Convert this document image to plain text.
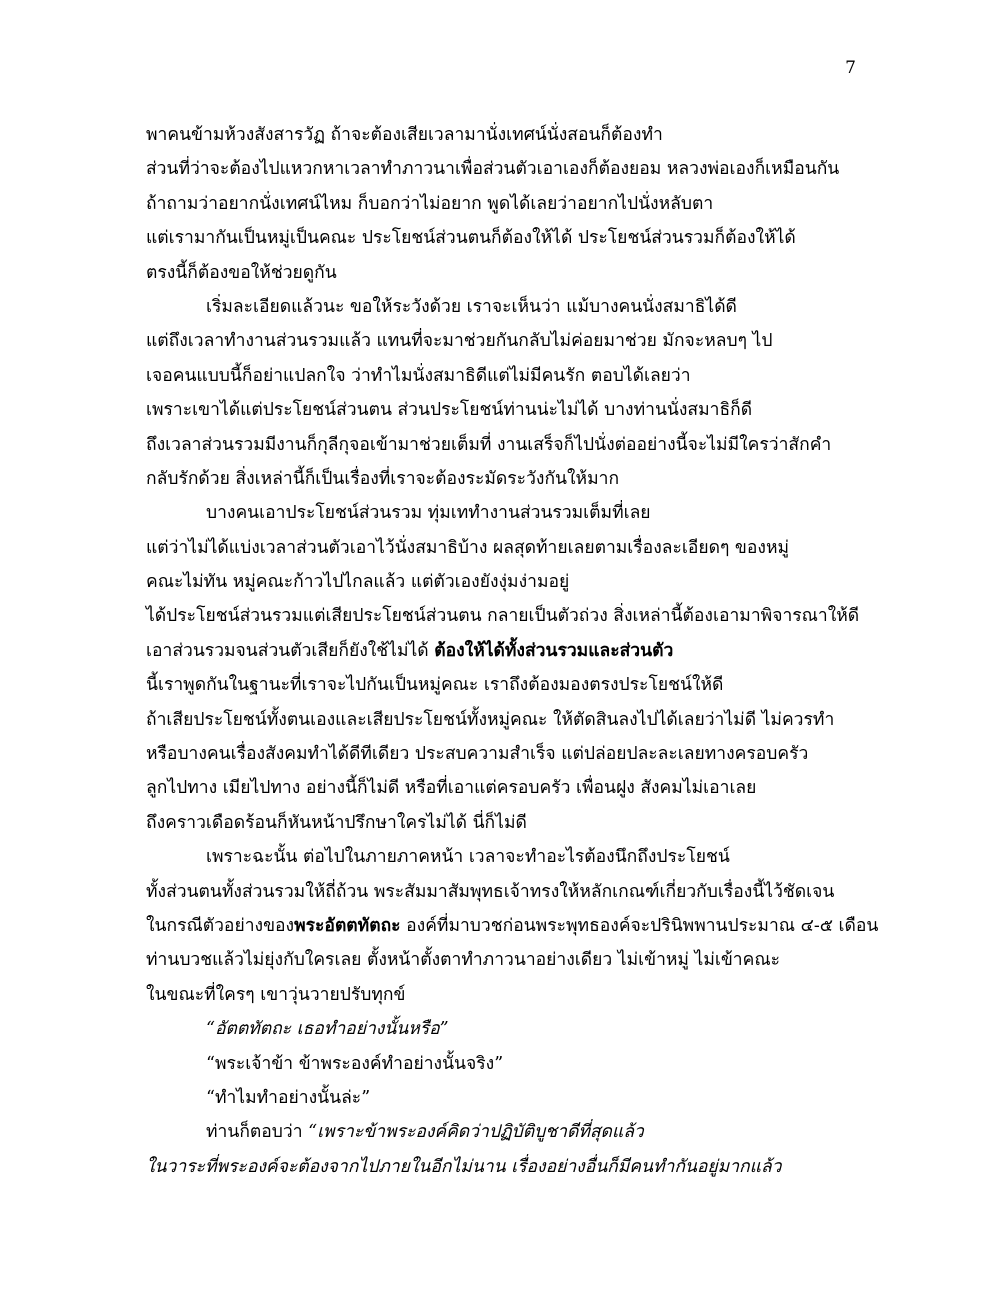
7
พาคนข้ามห้วงสังสารวัฏ ถ้าจะต้องเสียเวลามานั่งเทศน์นั่งสอนก็ต้องทำ
ส่วนที่ว่าจะต้องไปแหวกหาเวลาทำภาวนาเพื่อส่วนตัวเอาเองก็ต้องยอม หลวงพ่อเองก็เหมือนกัน
ถ้าถามว่าอยากนั่งเทศน์ไหม ก็บอกว่าไม่อยาก พูดได้เลยว่าอยากไปนั่งหลับตา
แต่เรามากันเป็นหมู่เป็นคณะ ประโยชน์ส่วนตนก็ต้องให้ได้ ประโยชน์ส่วนรวมก็ต้องให้ได้
ตรงนี้ก็ต้องขอให้ช่วยดูกัน
เริ่มละเอียดแล้วนะ ขอให้ระวังด้วย เราจะเห็นว่า แม้บางคนนั่งสมาธิได้ดี
แต่ถึงเวลาทำงานส่วนรวมแล้ว แทนที่จะมาช่วยกันกลับไม่ค่อยมาช่วย มักจะหลบๆ ไป
เจอคนแบบนี้ก็อย่าแปลกใจ ว่าทำไมนั่งสมาธิดีแต่ไม่มีคนรัก ตอบได้เลยว่า
เพราะเขาได้แต่ประโยชน์ส่วนตน ส่วนประโยชน์ท่านน่ะไม่ได้ บางท่านนั่งสมาธิก็ดี
ถึงเวลาส่วนรวมมีงานก็กุลีกุจอเข้ามาช่วยเต็มที่ งานเสร็จก็ไปนั่งต่ออย่างนี้จะไม่มีใครว่าสักคำ
กลับรักด้วย สิ่งเหล่านี้ก็เป็นเรื่องที่เราจะต้องระมัดระวังกันให้มาก
บางคนเอาประโยชน์ส่วนรวม ทุ่มเททำงานส่วนรวมเต็มที่เลย
แต่ว่าไม่ได้แบ่งเวลาส่วนตัวเอาไว้นั่งสมาธิบ้าง ผลสุดท้ายเลยตามเรื่องละเอียดๆ ของหมู่
คณะไม่ทัน หมู่คณะก้าวไปไกลแล้ว แต่ตัวเองยังงุ่มง่ามอยู่
ได้ประโยชน์ส่วนรวมแต่เสียประโยชน์ส่วนตน กลายเป็นตัวถ่วง สิ่งเหล่านี้ต้องเอามาพิจารณาให้ดี
เอาส่วนรวมจนส่วนตัวเสียก็ยังใช้ไม่ได้ ต้องให้ได้ทั้งส่วนรวมและส่วนตัว
นี้เราพูดกันในฐานะที่เราจะไปกันเป็นหมู่คณะ เราถึงต้องมองตรงประโยชน์ให้ดี
ถ้าเสียประโยชน์ทั้งตนเองและเสียประโยชน์ทั้งหมู่คณะ ให้ตัดสินลงไปได้เลยว่าไม่ดี ไม่ควรทำ
หรือบางคนเรื่องสังคมทำได้ดีทีเดียว ประสบความสำเร็จ แต่ปล่อยปละละเลยทางครอบครัว
ลูกไปทาง เมียไปทาง อย่างนี้ก็ไม่ดี หรือที่เอาแต่ครอบครัว เพื่อนฝูง สังคมไม่เอาเลย
ถึงคราวเดือดร้อนก็หันหน้าปรึกษาใครไม่ได้ นี่ก็ไม่ดี
เพราะฉะนั้น ต่อไปในภายภาคหน้า เวลาจะทำอะไรต้องนึกถึงประโยชน์
ทั้งส่วนตนทั้งส่วนรวมให้ถี่ถ้วน พระสัมมาสัมพุทธเจ้าทรงให้หลักเกณฑ์เกี่ยวกับเรื่องนี้ไว้ชัดเจน
ในกรณีตัวอย่างของพระอัตตทัตถะ องค์ที่มาบวชก่อนพระพุทธองค์จะปรินิพพานประมาณ ๔-๕ เดือน
ท่านบวชแล้วไม่ยุ่งกับใครเลย ตั้งหน้าตั้งตาทำภาวนาอย่างเดียว ไม่เข้าหมู่ ไม่เข้าคณะ
ในขณะที่ใครๆ เขาวุ่นวายปรับทุกข์
“อัตตทัตถะ เธอทำอย่างนั้นหรือ”
“พระเจ้าข้า ข้าพระองค์ทำอย่างนั้นจริง”
“ทำไมทำอย่างนั้นล่ะ”
ท่านก็ตอบว่า “เพราะข้าพระองค์คิดว่าปฏิบัติบูชาดีที่สุดแล้ว
ในวาระที่พระองค์จะต้องจากไปภายในอีกไม่นาน เรื่องอย่างอื่นก็มีคนทำกันอยู่มากแล้ว
